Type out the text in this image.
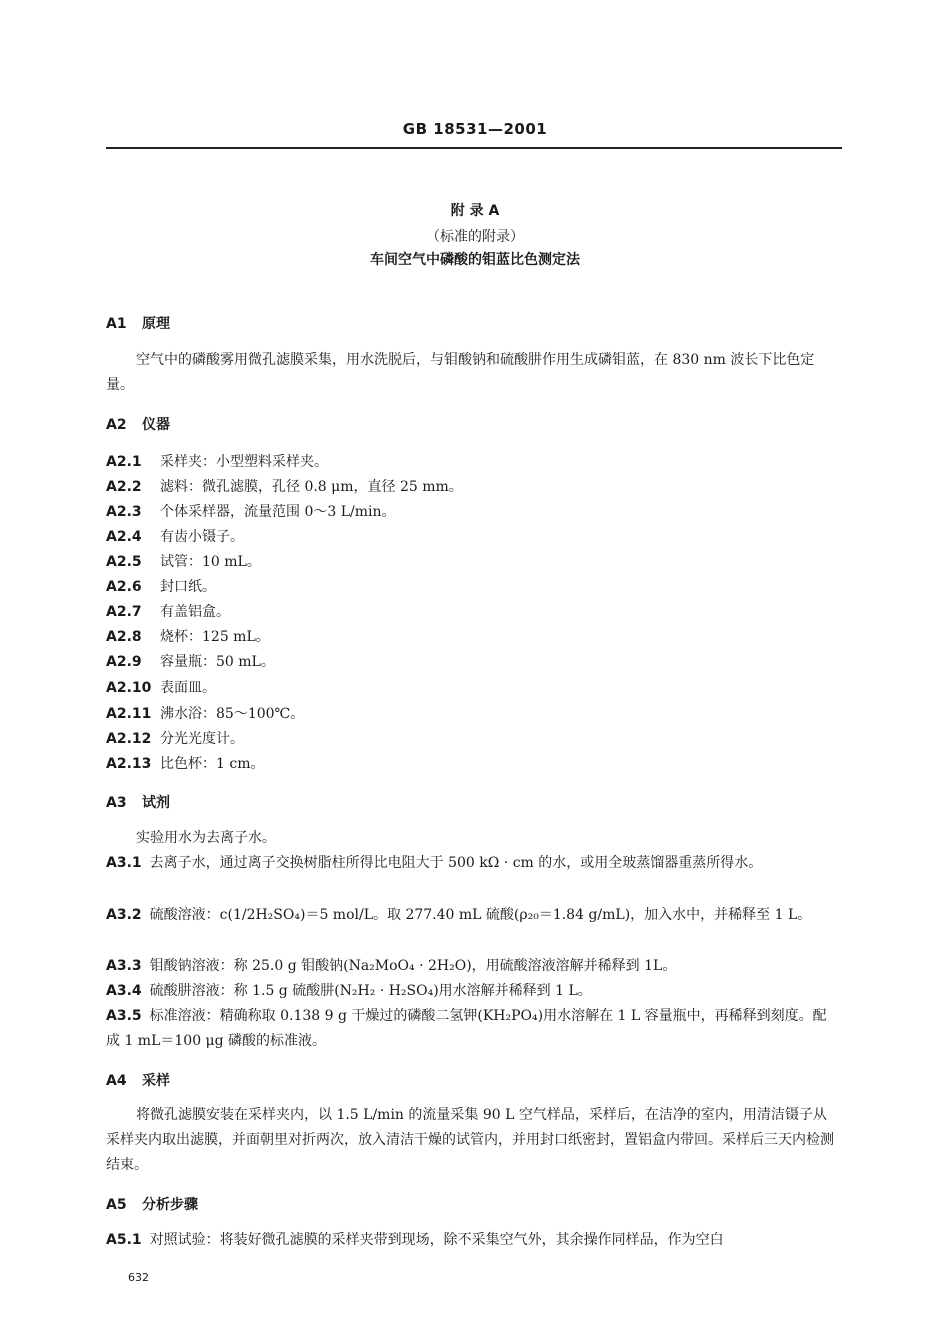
GB 18531—2001
附 录 A
（标准的附录）
车间空气中磷酸的钼蓝比色测定法
A1 原理
空气中的磷酸雾用微孔滤膜采集，用水洗脱后，与钼酸钠和硫酸肼作用生成磷钼蓝，在 830 nm 波长下比色定量。
A2 仪器
A2.1 采样夹：小型塑料采样夹。
A2.2 滤料：微孔滤膜，孔径 0.8 μm，直径 25 mm。
A2.3 个体采样器，流量范围 0～3 L/min。
A2.4 有齿小镊子。
A2.5 试管：10 mL。
A2.6 封口纸。
A2.7 有盖铝盒。
A2.8 烧杯：125 mL。
A2.9 容量瓶：50 mL。
A2.10 表面皿。
A2.11 沸水浴：85～100℃。
A2.12 分光光度计。
A2.13 比色杯：1 cm。
A3 试剂
实验用水为去离子水。
A3.1 去离子水，通过离子交换树脂柱所得比电阻大于 500 kΩ · cm 的水，或用全玻蒸馏器重蒸所得水。
A3.2 硫酸溶液：c(1/2H₂SO₄)＝5 mol/L。取 277.40 mL 硫酸(ρ₂₀＝1.84 g/mL)，加入水中，并稀释至 1 L。
A3.3 钼酸钠溶液：称 25.0 g 钼酸钠(Na₂MoO₄ · 2H₂O)，用硫酸溶液溶解并稀释到 1L。
A3.4 硫酸肼溶液：称 1.5 g 硫酸肼(N₂H₂ · H₂SO₄)用水溶解并稀释到 1 L。
A3.5 标准溶液：精确称取 0.138 9 g 干燥过的磷酸二氢钾(KH₂PO₄)用水溶解在 1 L 容量瓶中，再稀释到刻度。配成 1 mL＝100 μg 磷酸的标准液。
A4 采样
将微孔滤膜安装在采样夹内，以 1.5 L/min 的流量采集 90 L 空气样品，采样后，在洁净的室内，用清洁镊子从采样夹内取出滤膜，并面朝里对折两次，放入清洁干燥的试管内，并用封口纸密封，置铝盒内带回。采样后三天内检测结束。
A5 分析步骤
A5.1 对照试验：将装好微孔滤膜的采样夹带到现场，除不采集空气外，其余操作同样品，作为空白
632
